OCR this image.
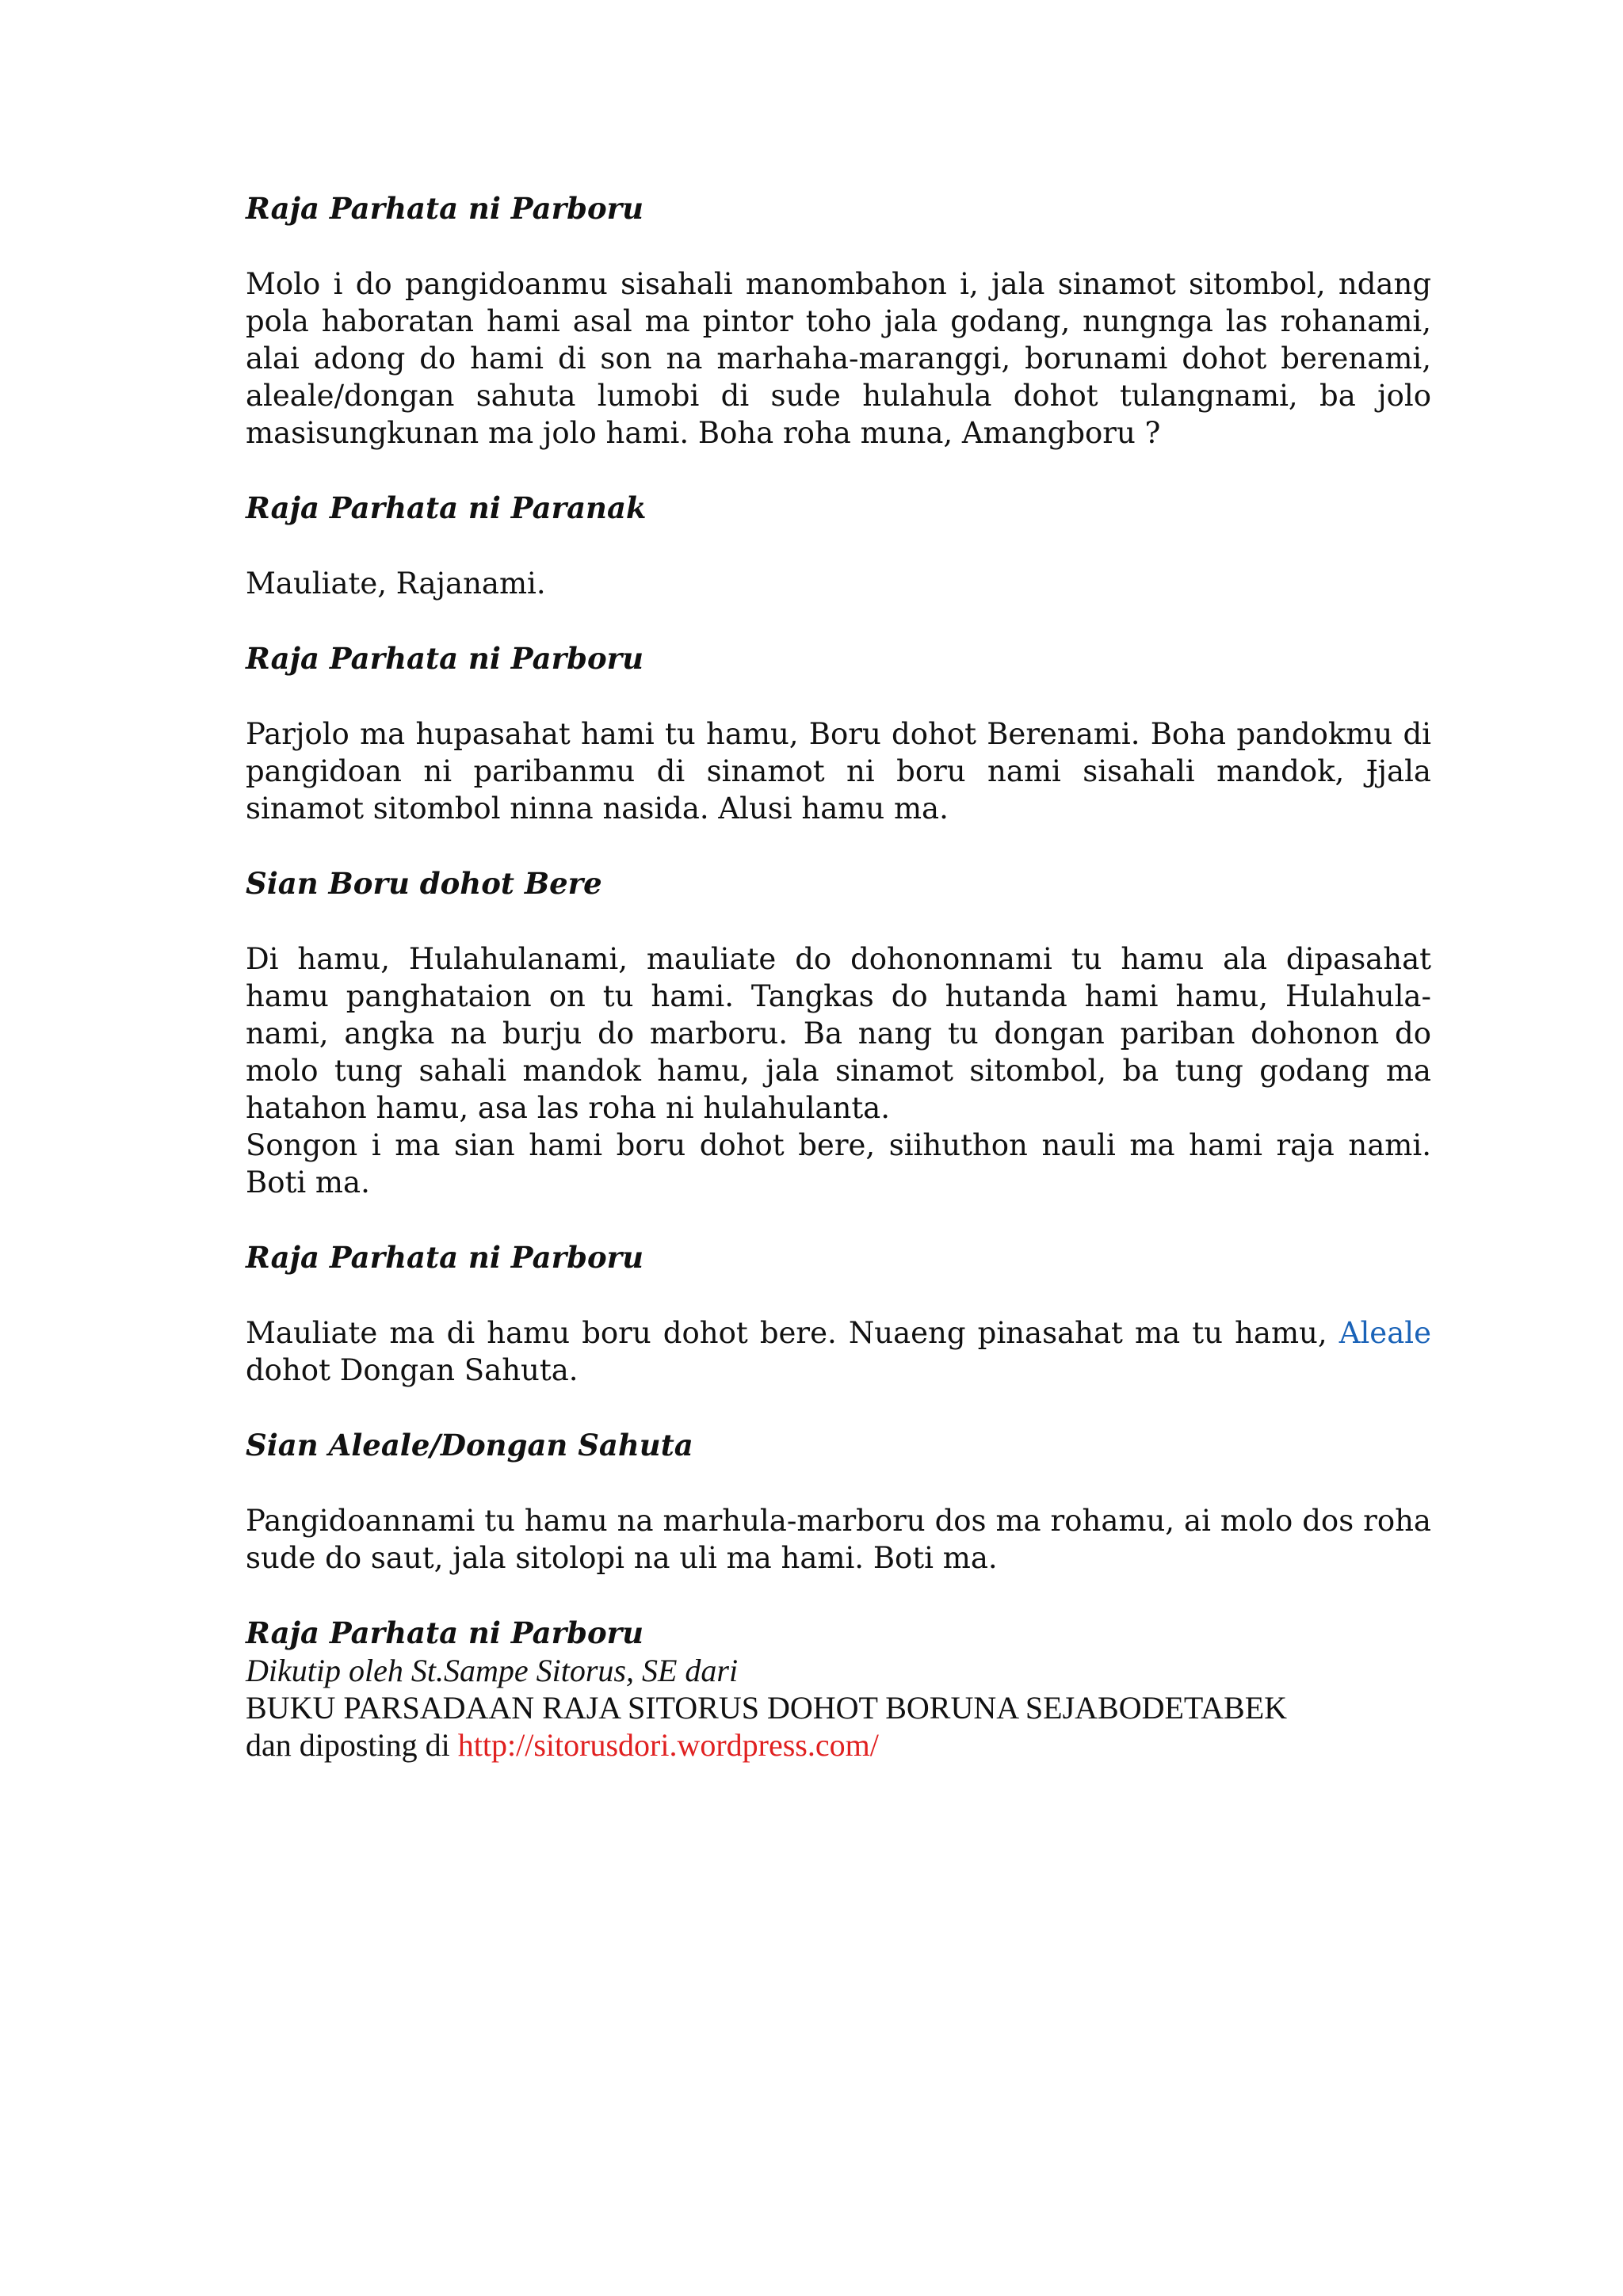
Raja Parhata ni Parboru

Molo i do pangidoanmu sisahali manombahon i, jala sinamot sitombol, ndang pola haboratan hami asal ma pintor toho jala godang, nungnga las rohanami, alai adong do hami di son na marhaha-maranggi, borunami dohot berenami, aleale/dongan sahuta lumobi di sude hulahula dohot tulangnami, ba jolo masisungkunan ma jolo hami. Boha roha muna, Amangboru ?

Raja Parhata ni Paranak

Mauliate, Rajanami.

Raja Parhata ni Parboru

Parjolo ma hupasahat hami tu hamu, Boru dohot Berenami. Boha pandokmu di pangidoan ni paribanmu di sinamot ni boru nami sisahali mandok, Ɉjala sinamot sitombol ninna nasida. Alusi hamu ma.

Sian Boru dohot Bere

Di hamu, Hulahulanami, mauliate do dohononnami tu hamu ala dipasahat hamu panghataion on tu hami. Tangkas do hutanda hami hamu, Hulahula- nami, angka na burju do marboru. Ba nang tu dongan pariban dohonon do molo tung sahali mandok hamu, jala sinamot sitombol, ba tung godang ma hatahon hamu, asa las roha ni hulahulanta.

Songon i ma sian hami boru dohot bere, siihuthon nauli ma hami raja nami. Boti ma.

Raja Parhata ni Parboru

Mauliate ma di hamu boru dohot bere. Nuaeng pinasahat ma tu hamu, Aleale dohot Dongan Sahuta.

Sian Aleale/Dongan Sahuta

Pangidoannami tu hamu na marhula-marboru dos ma rohamu, ai molo dos roha sude do saut, jala sitolopi na uli ma hami. Boti ma.

Raja Parhata ni Parboru

Dikutip oleh St.Sampe Sitorus, SE dari

BUKU PARSADAAN RAJA SITORUS DOHOT BORUNA SEJABODETABEK

dan diposting di http://sitorusdori.wordpress.com/
